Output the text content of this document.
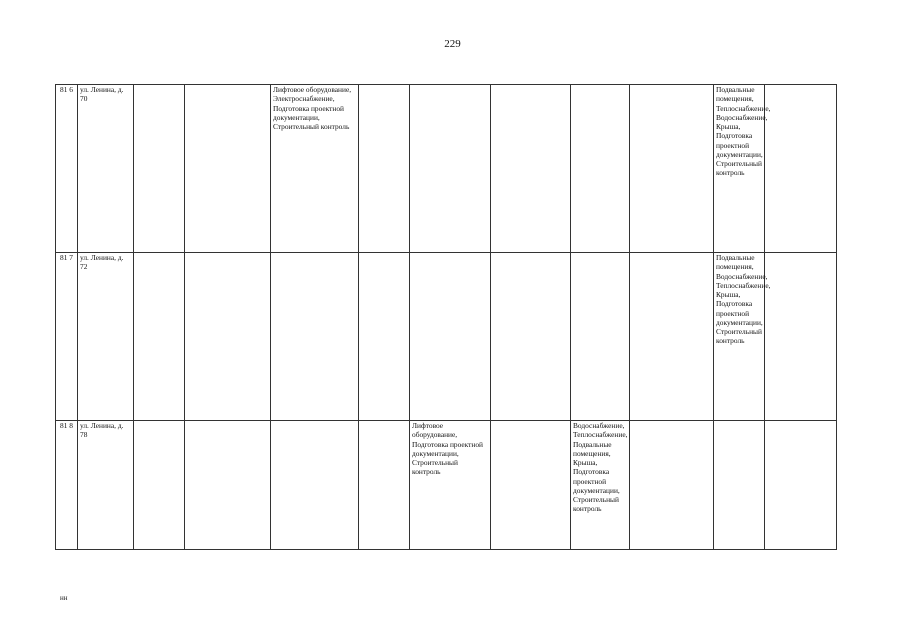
229
81 6	ул. Ленина, д. 70			Лифтовое оборудование, Электроснабжение, Подготовка проектной документации, Строительный контроль						Подвальные помещения, Теплоснабжение, Водоснабжение, Крыша, Подготовка проектной документации, Строительный контроль	
81 7	ул. Ленина, д. 72									Подвальные помещения, Водоснабжение, Теплоснабжение, Крыша, Подготовка проектной документации, Строительный контроль	
81 8	ул. Ленина, д. 78					Лифтовое оборудование, Подготовка проектной документации, Строительный контроль		Водоснабжение, Теплоснабжение, Подвальные помещения, Крыша, Подготовка проектной документации, Строительный контроль			
нн
